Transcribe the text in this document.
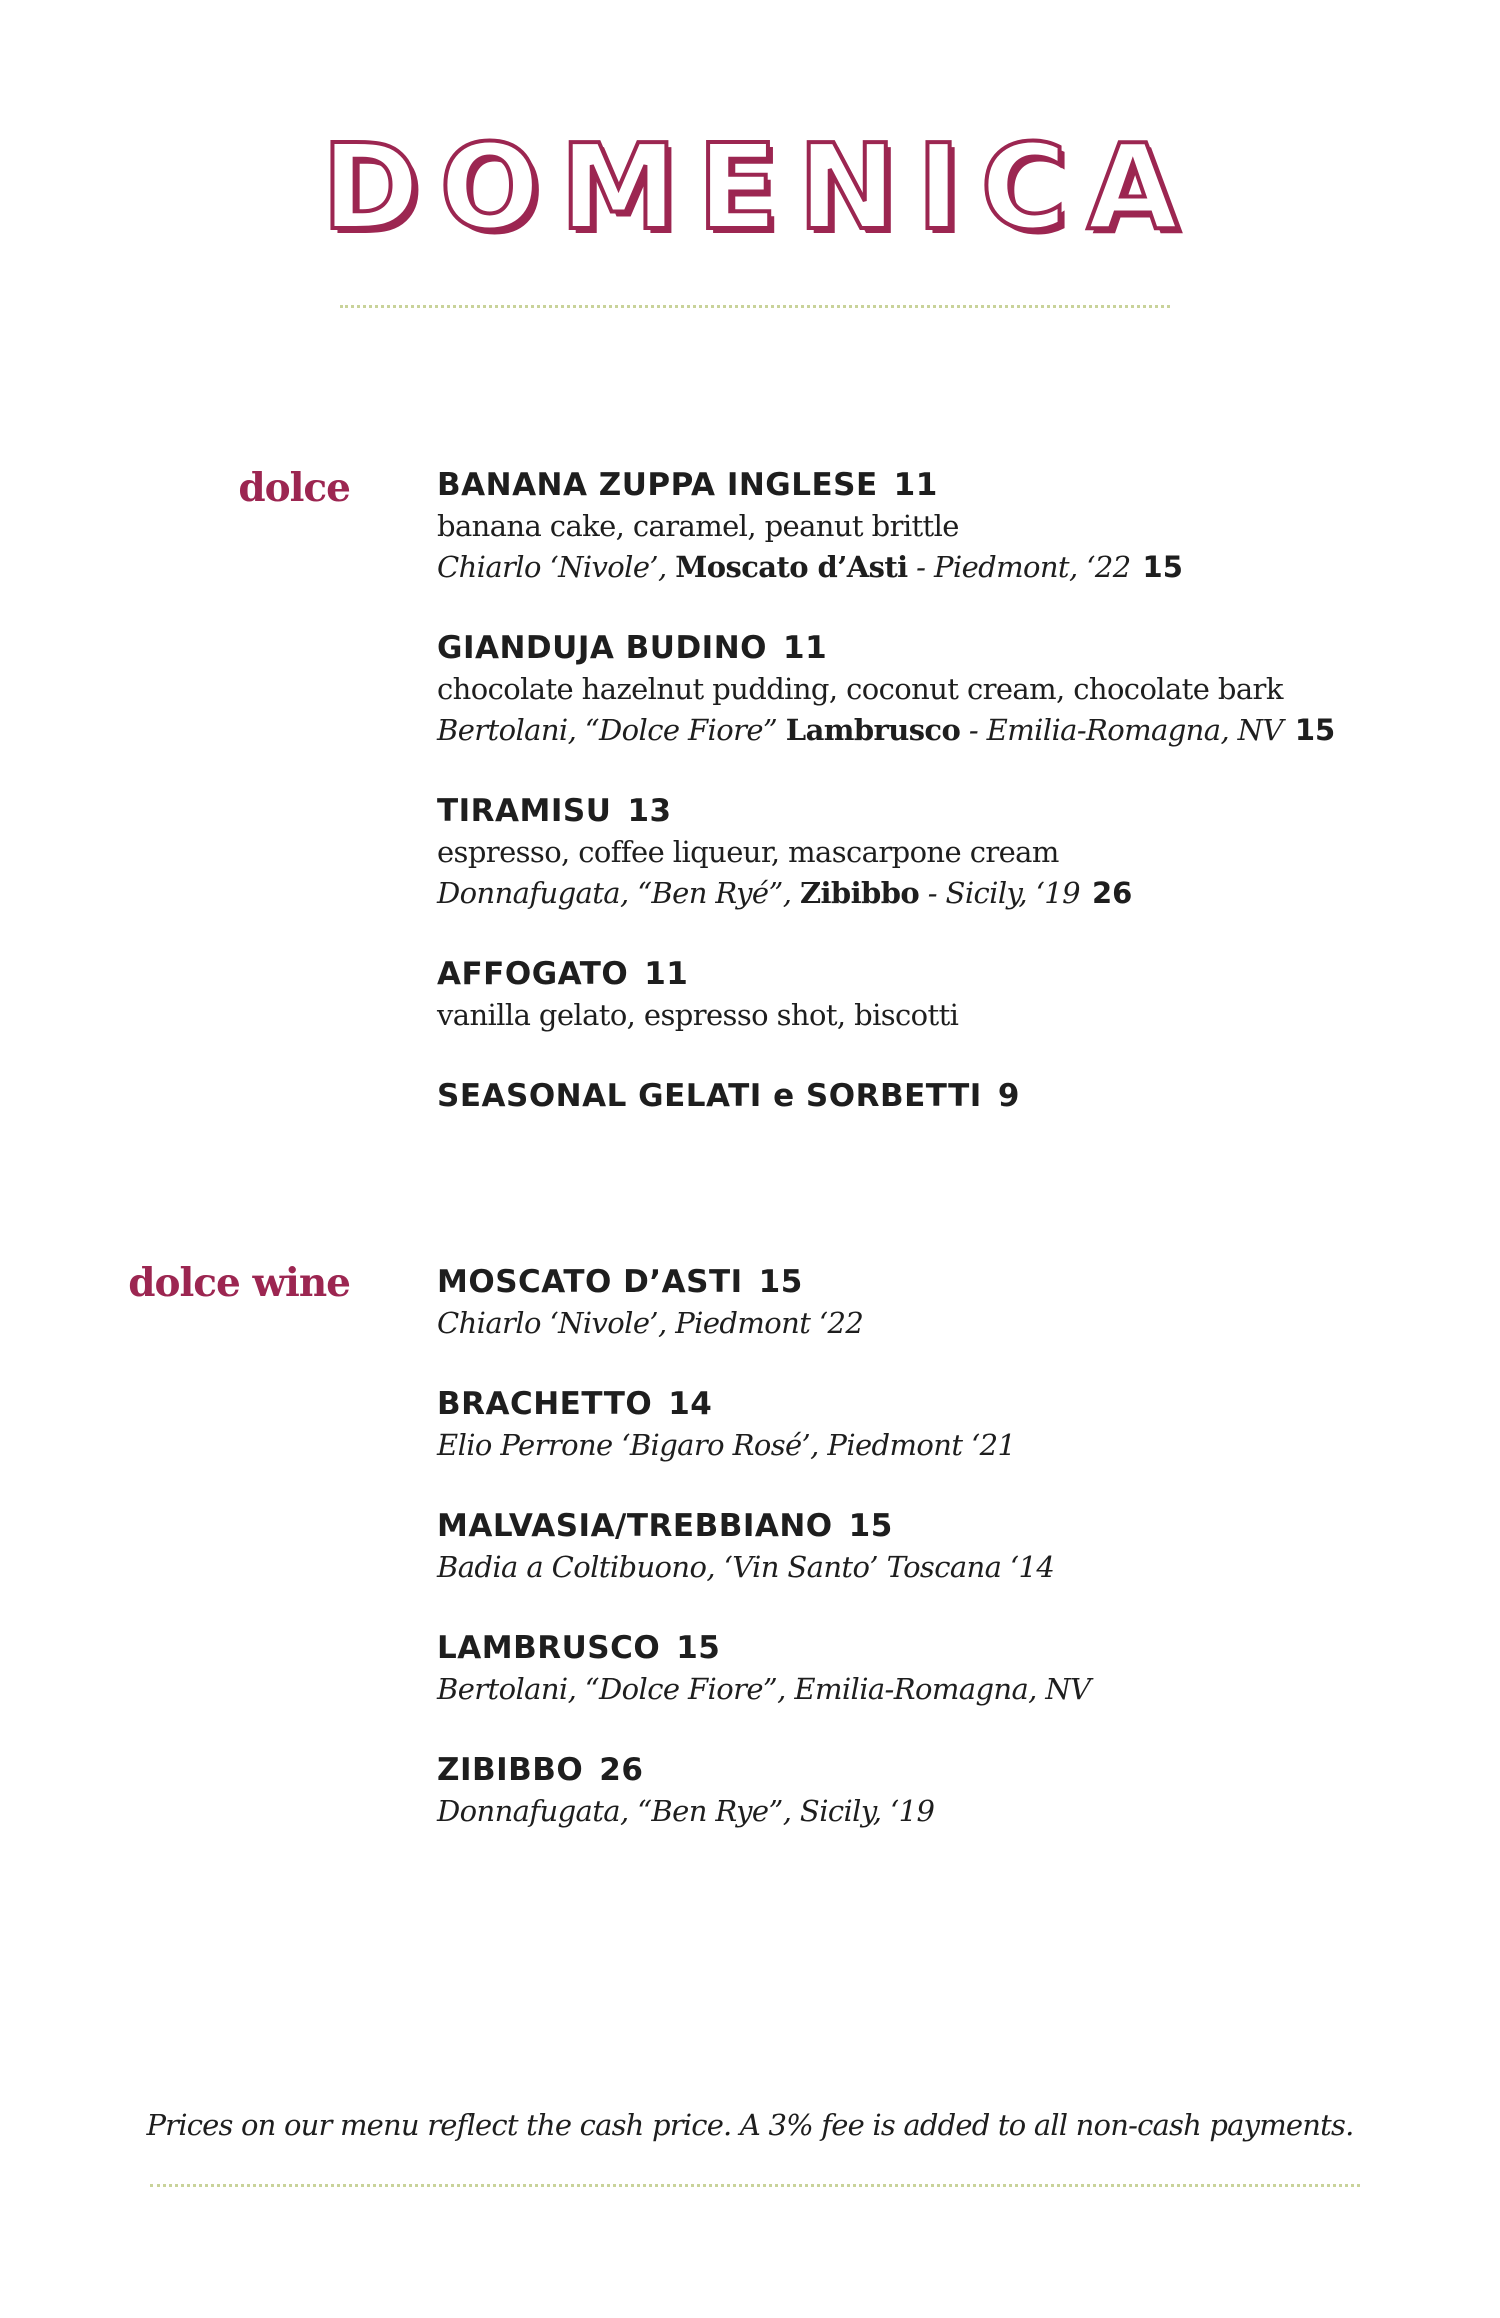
DOMENICA
dolce	BANANA ZUPPA INGLESE 11
banana cake, caramel, peanut brittle
Chiarlo ‘Nivole’, Moscato d’Asti - Piedmont, ‘22 15
GIANDUJA BUDINO 11
chocolate hazelnut pudding, coconut cream, chocolate bark
Bertolani, “Dolce Fiore” Lambrusco - Emilia-Romagna, NV 15
TIRAMISU 13
espresso, coffee liqueur, mascarpone cream
Donnafugata, “Ben Ryé”, Zibibbo - Sicily, ‘19 26
AFFOGATO 11
vanilla gelato, espresso shot, biscotti
SEASONAL GELATI e SORBETTI 9
dolce wine	MOSCATO D’ASTI 15
Chiarlo ‘Nivole’, Piedmont ‘22
BRACHETTO 14
Elio Perrone ‘Bigaro Rosé’, Piedmont ‘21
MALVASIA/TREBBIANO 15
Badia a Coltibuono, ‘Vin Santo’ Toscana ‘14
LAMBRUSCO 15
Bertolani, “Dolce Fiore”, Emilia-Romagna, NV
ZIBIBBO 26
Donnafugata, “Ben Rye”, Sicily, ‘19
Prices on our menu reflect the cash price. A 3% fee is added to all non-cash payments.
